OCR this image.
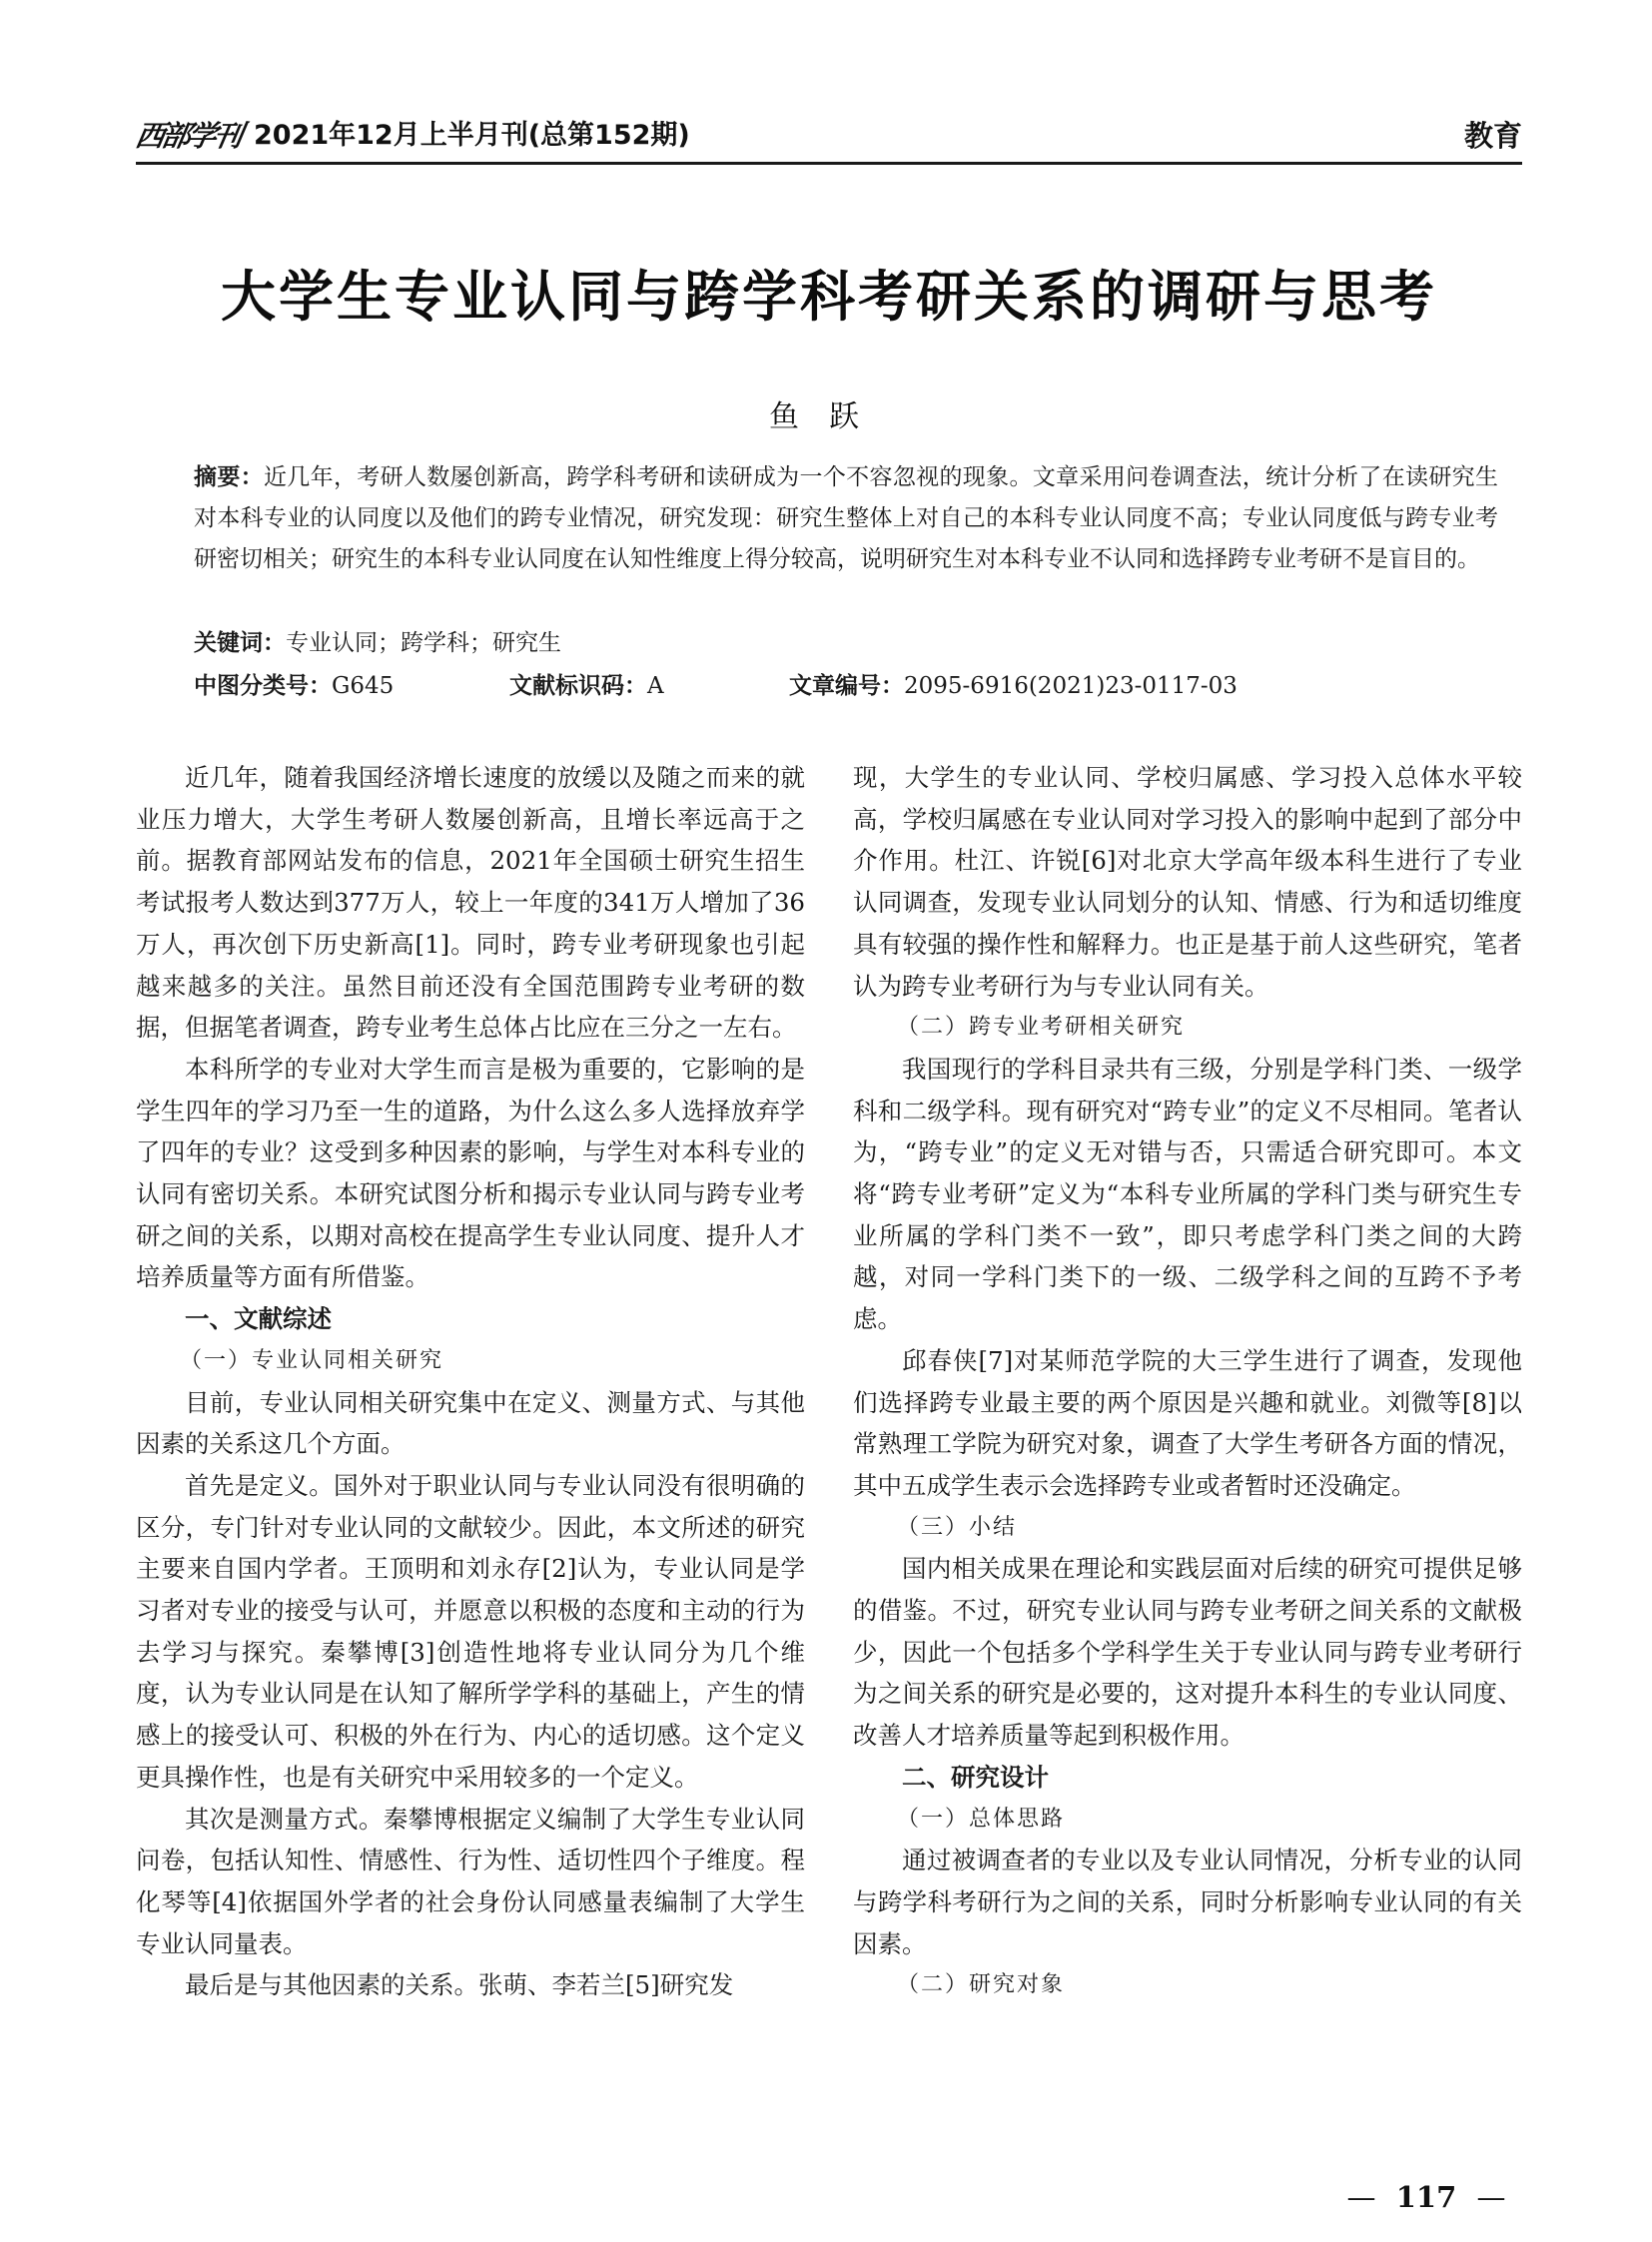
西部学刊 2021年12月上半月刊(总第152期)	教育
大学生专业认同与跨学科考研关系的调研与思考
鱼跃
摘要：近几年，考研人数屡创新高，跨学科考研和读研成为一个不容忽视的现象。文章采用问卷调查法，统计分析了在读研究生对本科专业的认同度以及他们的跨专业情况，研究发现：研究生整体上对自己的本科专业认同度不高；专业认同度低与跨专业考研密切相关；研究生的本科专业认同度在认知性维度上得分较高，说明研究生对本科专业不认同和选择跨专业考研不是盲目的。
关键词：专业认同；跨学科；研究生
中图分类号：G645	文献标识码：A	文章编号：2095-6916(2021)23-0117-03

近几年，随着我国经济增长速度的放缓以及随之而来的就业压力增大，大学生考研人数屡创新高，且增长率远高于之前。据教育部网站发布的信息，2021年全国硕士研究生招生考试报考人数达到377万人，较上一年度的341万人增加了36万人，再次创下历史新高[1]。同时，跨专业考研现象也引起越来越多的关注。虽然目前还没有全国范围跨专业考研的数据，但据笔者调查，跨专业考生总体占比应在三分之一左右。

本科所学的专业对大学生而言是极为重要的，它影响的是学生四年的学习乃至一生的道路，为什么这么多人选择放弃学了四年的专业？这受到多种因素的影响，与学生对本科专业的认同有密切关系。本研究试图分析和揭示专业认同与跨专业考研之间的关系，以期对高校在提高学生专业认同度、提升人才培养质量等方面有所借鉴。

一、文献综述
（一）专业认同相关研究

目前，专业认同相关研究集中在定义、测量方式、与其他因素的关系这几个方面。

首先是定义。国外对于职业认同与专业认同没有很明确的区分，专门针对专业认同的文献较少。因此，本文所述的研究主要来自国内学者。王顶明和刘永存[2]认为，专业认同是学习者对专业的接受与认可，并愿意以积极的态度和主动的行为去学习与探究。秦攀博[3]创造性地将专业认同分为几个维度，认为专业认同是在认知了解所学学科的基础上，产生的情感上的接受认可、积极的外在行为、内心的适切感。这个定义更具操作性，也是有关研究中采用较多的一个定义。

其次是测量方式。秦攀博根据定义编制了大学生专业认同问卷，包括认知性、情感性、行为性、适切性四个子维度。程化琴等[4]依据国外学者的社会身份认同感量表编制了大学生专业认同量表。

最后是与其他因素的关系。张萌、李若兰[5]研究发

现，大学生的专业认同、学校归属感、学习投入总体水平较高，学校归属感在专业认同对学习投入的影响中起到了部分中介作用。杜江、许锐[6]对北京大学高年级本科生进行了专业认同调查，发现专业认同划分的认知、情感、行为和适切维度具有较强的操作性和解释力。也正是基于前人这些研究，笔者认为跨专业考研行为与专业认同有关。

（二）跨专业考研相关研究

我国现行的学科目录共有三级，分别是学科门类、一级学科和二级学科。现有研究对“跨专业”的定义不尽相同。笔者认为，“跨专业”的定义无对错与否，只需适合研究即可。本文将“跨专业考研”定义为“本科专业所属的学科门类与研究生专业所属的学科门类不一致”，即只考虑学科门类之间的大跨越，对同一学科门类下的一级、二级学科之间的互跨不予考虑。

邱春侠[7]对某师范学院的大三学生进行了调查，发现他们选择跨专业最主要的两个原因是兴趣和就业。刘微等[8]以常熟理工学院为研究对象，调查了大学生考研各方面的情况，其中五成学生表示会选择跨专业或者暂时还没确定。

（三）小结

国内相关成果在理论和实践层面对后续的研究可提供足够的借鉴。不过，研究专业认同与跨专业考研之间关系的文献极少，因此一个包括多个学科学生关于专业认同与跨专业考研行为之间关系的研究是必要的，这对提升本科生的专业认同度、改善人才培养质量等起到积极作用。

二、研究设计
（一）总体思路

通过被调查者的专业以及专业认同情况，分析专业的认同与跨学科考研行为之间的关系，同时分析影响专业认同的有关因素。

（二）研究对象
— 117 —
